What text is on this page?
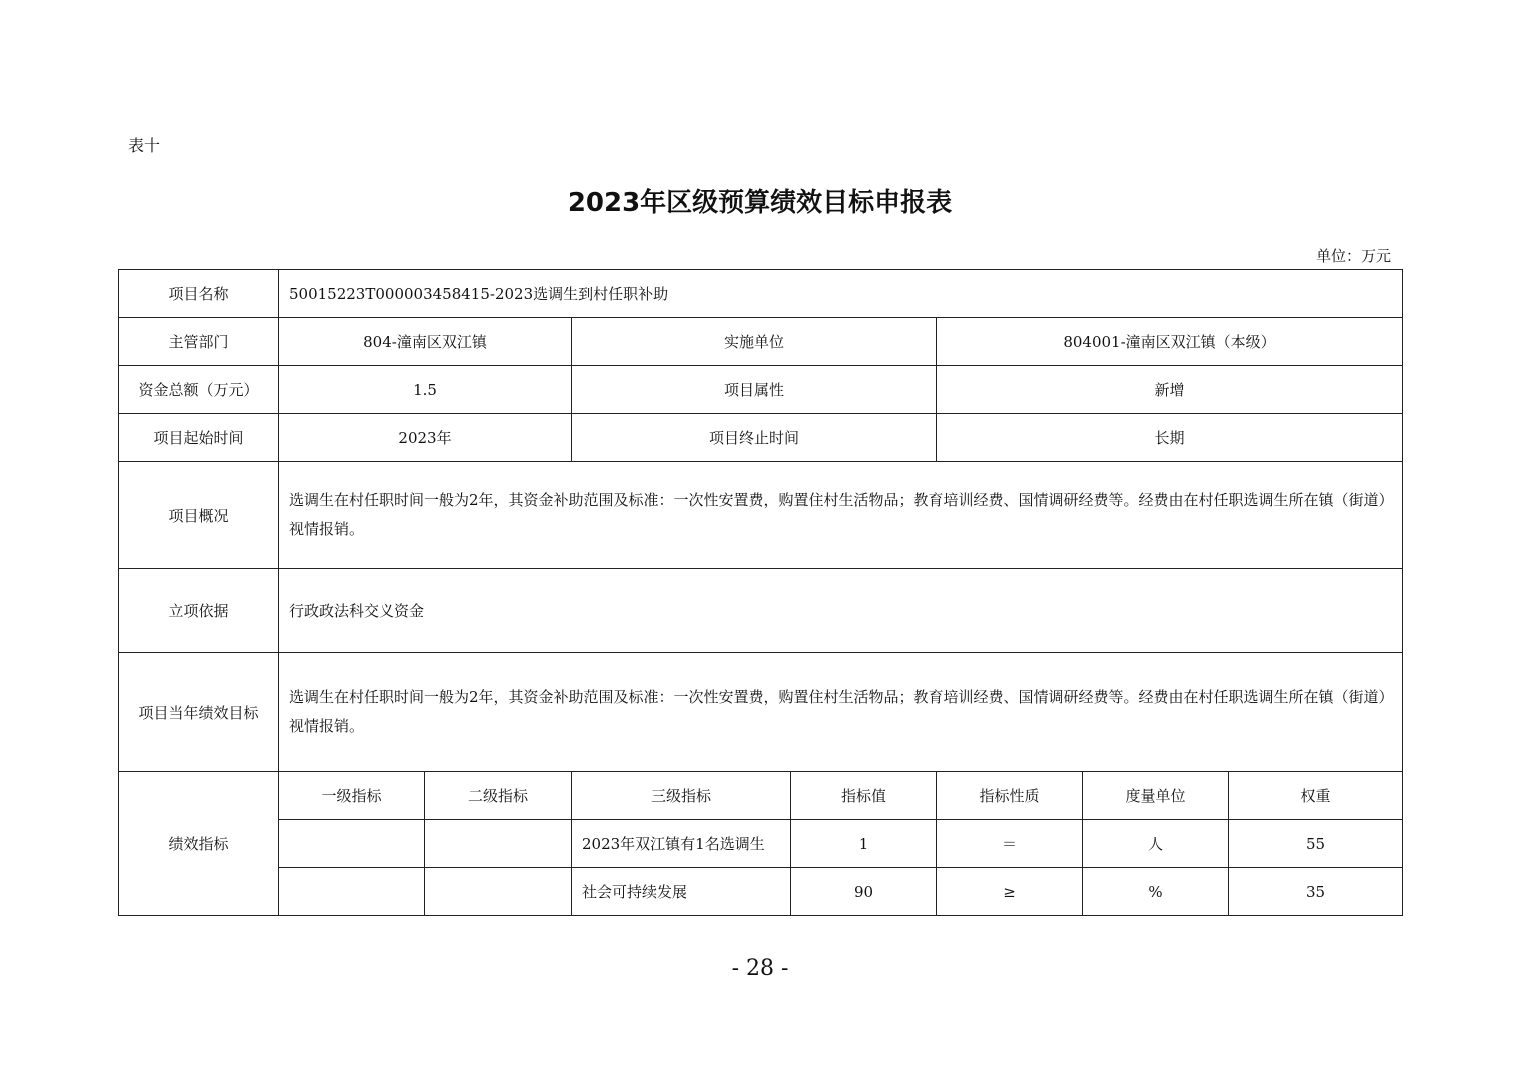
表十
2023年区级预算绩效目标申报表
单位：万元
项目名称	50015223T000003458415-2023选调生到村任职补助						
主管部门	804-潼南区双江镇		实施单位		804001-潼南区双江镇（本级）		
资金总额（万元）	1.5		项目属性		新增		
项目起始时间	2023年		项目终止时间		长期		
项目概况	选调生在村任职时间一般为2年，其资金补助范围及标准：一次性安置费，购置住村生活物品；教育培训经费、国情调研经费等。经费由在村任职选调生所在镇（街道）视情报销。						
立项依据	行政政法科交义资金						
项目当年绩效目标	选调生在村任职时间一般为2年，其资金补助范围及标准：一次性安置费，购置住村生活物品；教育培训经费、国情调研经费等。经费由在村任职选调生所在镇（街道）视情报销。						
绩效指标	一级指标	二级指标	三级指标	指标值	指标性质	度量单位	权重
			2023年双江镇有1名选调生	1	＝	人	55
			社会可持续发展	90	≥	%	35
- 28 -
